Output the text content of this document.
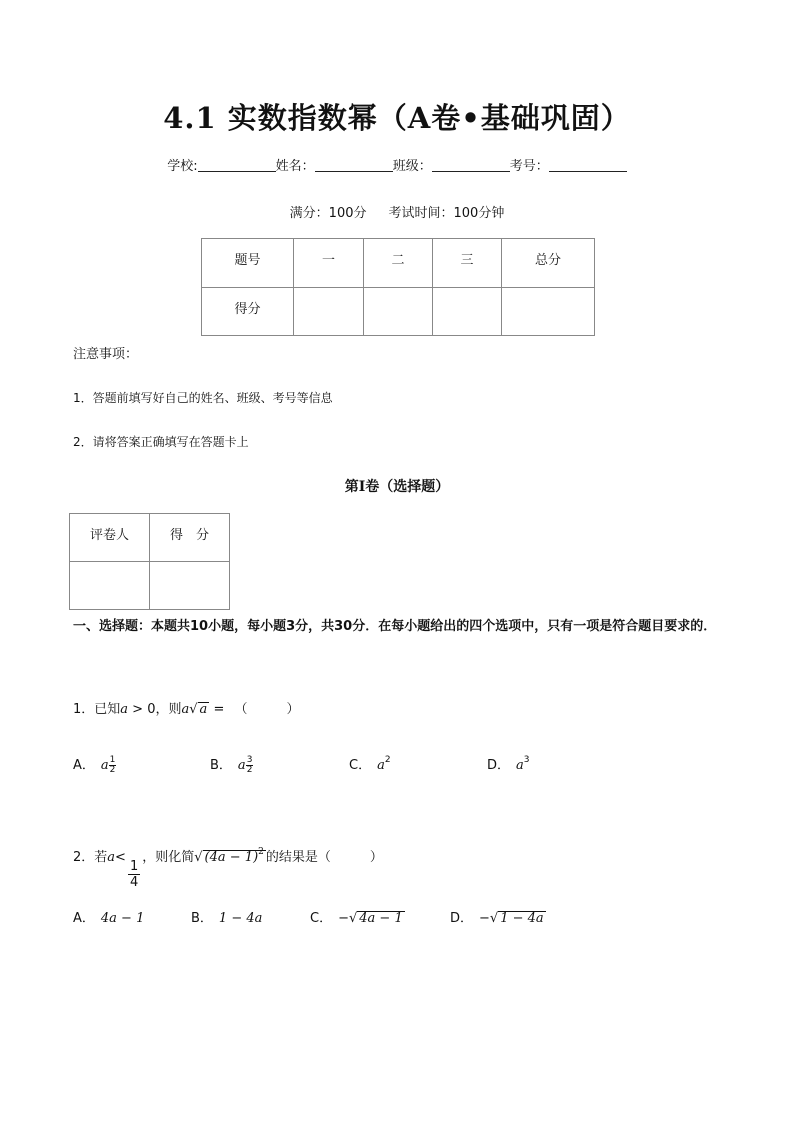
4.1 实数指数幂（A卷•基础巩固）
学校:	姓名：	班级：	考号：
满分：100分 考试时间：100分钟
题号	一	二	三	总分
得分				
注意事项：
1．答题前填写好自己的姓名、班级、考号等信息
2．请将答案正确填写在答题卡上
第I卷（选择题）
评卷人	得　分

一、选择题：本题共10小题，每小题3分，共30分．在每小题给出的四个选项中，只有一项是符合题目要求的．
1．已知a > 0，则a√ a = （　　　）
A． a $\frac{1}{2}$	B． a $\frac{3}{2}$	C． $a^2$	D． $a^3$
2．若a<
$\frac{1}{4}$
，则化简√ $(4a - 1)^2$ 的结果是（　　　）
A． 4a − 1	B． 1 − 4a	C． −√ 4a − 1	D． −√ 1 − 4a
